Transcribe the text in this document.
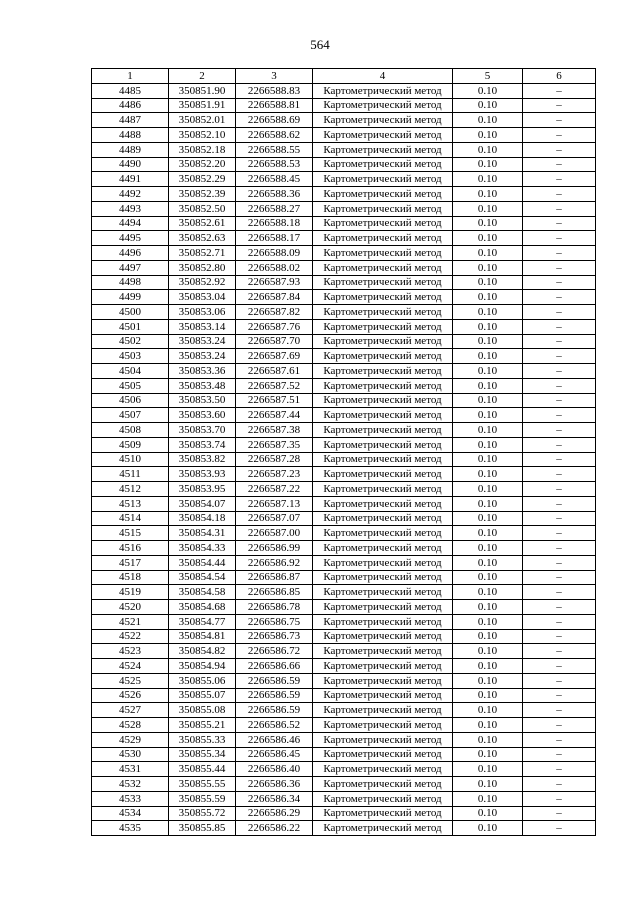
564
1	2	3	4	5	6
4485	350851.90	2266588.83	Картометрический метод	0.10	–
4486	350851.91	2266588.81	Картометрический метод	0.10	–
4487	350852.01	2266588.69	Картометрический метод	0.10	–
4488	350852.10	2266588.62	Картометрический метод	0.10	–
4489	350852.18	2266588.55	Картометрический метод	0.10	–
4490	350852.20	2266588.53	Картометрический метод	0.10	–
4491	350852.29	2266588.45	Картометрический метод	0.10	–
4492	350852.39	2266588.36	Картометрический метод	0.10	–
4493	350852.50	2266588.27	Картометрический метод	0.10	–
4494	350852.61	2266588.18	Картометрический метод	0.10	–
4495	350852.63	2266588.17	Картометрический метод	0.10	–
4496	350852.71	2266588.09	Картометрический метод	0.10	–
4497	350852.80	2266588.02	Картометрический метод	0.10	–
4498	350852.92	2266587.93	Картометрический метод	0.10	–
4499	350853.04	2266587.84	Картометрический метод	0.10	–
4500	350853.06	2266587.82	Картометрический метод	0.10	–
4501	350853.14	2266587.76	Картометрический метод	0.10	–
4502	350853.24	2266587.70	Картометрический метод	0.10	–
4503	350853.24	2266587.69	Картометрический метод	0.10	–
4504	350853.36	2266587.61	Картометрический метод	0.10	–
4505	350853.48	2266587.52	Картометрический метод	0.10	–
4506	350853.50	2266587.51	Картометрический метод	0.10	–
4507	350853.60	2266587.44	Картометрический метод	0.10	–
4508	350853.70	2266587.38	Картометрический метод	0.10	–
4509	350853.74	2266587.35	Картометрический метод	0.10	–
4510	350853.82	2266587.28	Картометрический метод	0.10	–
4511	350853.93	2266587.23	Картометрический метод	0.10	–
4512	350853.95	2266587.22	Картометрический метод	0.10	–
4513	350854.07	2266587.13	Картометрический метод	0.10	–
4514	350854.18	2266587.07	Картометрический метод	0.10	–
4515	350854.31	2266587.00	Картометрический метод	0.10	–
4516	350854.33	2266586.99	Картометрический метод	0.10	–
4517	350854.44	2266586.92	Картометрический метод	0.10	–
4518	350854.54	2266586.87	Картометрический метод	0.10	–
4519	350854.58	2266586.85	Картометрический метод	0.10	–
4520	350854.68	2266586.78	Картометрический метод	0.10	–
4521	350854.77	2266586.75	Картометрический метод	0.10	–
4522	350854.81	2266586.73	Картометрический метод	0.10	–
4523	350854.82	2266586.72	Картометрический метод	0.10	–
4524	350854.94	2266586.66	Картометрический метод	0.10	–
4525	350855.06	2266586.59	Картометрический метод	0.10	–
4526	350855.07	2266586.59	Картометрический метод	0.10	–
4527	350855.08	2266586.59	Картометрический метод	0.10	–
4528	350855.21	2266586.52	Картометрический метод	0.10	–
4529	350855.33	2266586.46	Картометрический метод	0.10	–
4530	350855.34	2266586.45	Картометрический метод	0.10	–
4531	350855.44	2266586.40	Картометрический метод	0.10	–
4532	350855.55	2266586.36	Картометрический метод	0.10	–
4533	350855.59	2266586.34	Картометрический метод	0.10	–
4534	350855.72	2266586.29	Картометрический метод	0.10	–
4535	350855.85	2266586.22	Картометрический метод	0.10	–
